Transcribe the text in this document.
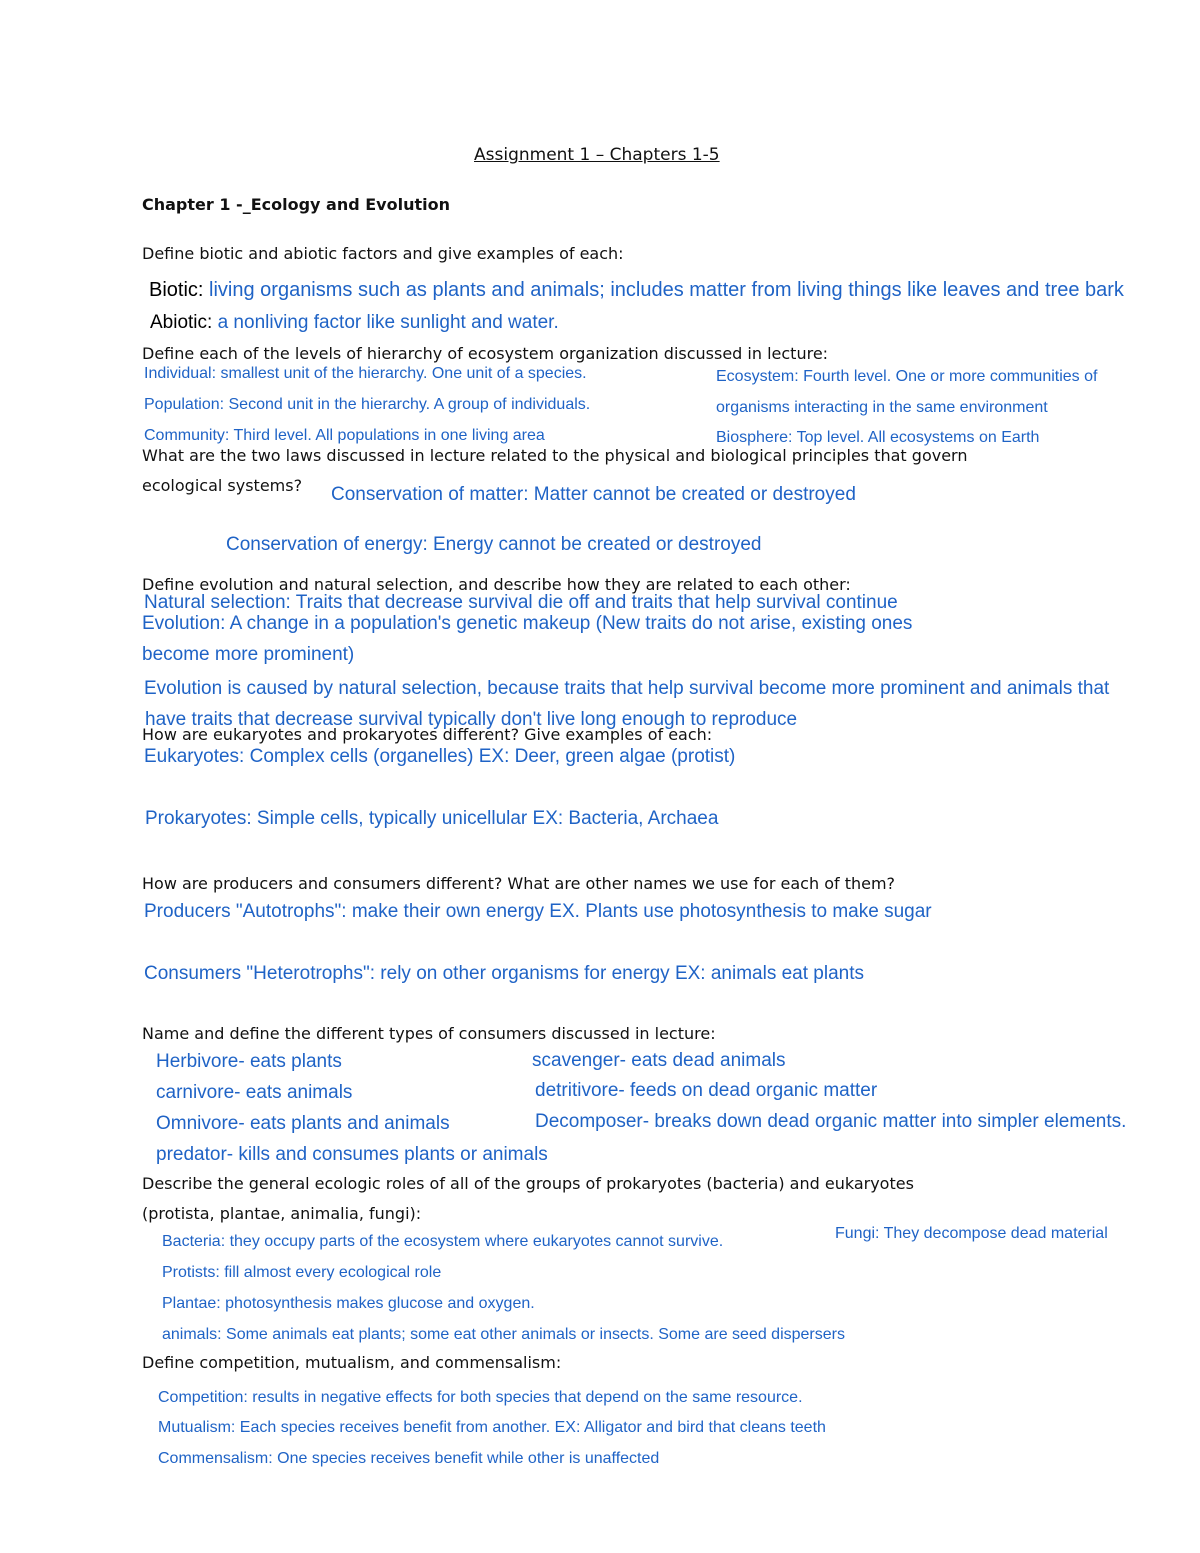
Assignment 1 – Chapters 1-5
Chapter 1 -_Ecology and Evolution
Define biotic and abiotic factors and give examples of each:
Biotic: living organisms such as plants and animals; includes matter from living things like leaves and tree bark
Abiotic: a nonliving factor like sunlight and water.
Define each of the levels of hierarchy of ecosystem organization discussed in lecture:
Individual: smallest unit of the hierarchy. One unit of a species.
Population: Second unit in the hierarchy. A group of individuals.
Community: Third level. All populations in one living area
Ecosystem: Fourth level. One or more communities of
organisms interacting in the same environment
Biosphere: Top level. All ecosystems on Earth
What are the two laws discussed in lecture related to the physical and biological principles that govern
ecological systems? Conservation of matter: Matter cannot be created or destroyed
Conservation of energy: Energy cannot be created or destroyed
Define evolution and natural selection, and describe how they are related to each other:
Natural selection: Traits that decrease survival die off and traits that help survival continue
Evolution: A change in a population's genetic makeup (New traits do not arise, existing ones
become more prominent)
Evolution is caused by natural selection, because traits that help survival become more prominent and animals that
have traits that decrease survival typically don't live long enough to reproduce
How are eukaryotes and prokaryotes different? Give examples of each:
Eukaryotes: Complex cells (organelles) EX: Deer, green algae (protist)
Prokaryotes: Simple cells, typically unicellular EX: Bacteria, Archaea
How are producers and consumers different? What are other names we use for each of them?
Producers "Autotrophs": make their own energy EX. Plants use photosynthesis to make sugar
Consumers "Heterotrophs": rely on other organisms for energy EX: animals eat plants
Name and define the different types of consumers discussed in lecture:
Herbivore- eats plants
carnivore- eats animals
Omnivore- eats plants and animals
predator- kills and consumes plants or animals
scavenger- eats dead animals
detritivore- feeds on dead organic matter
Decomposer- breaks down dead organic matter into simpler elements.
Describe the general ecologic roles of all of the groups of prokaryotes (bacteria) and eukaryotes
(protista, plantae, animalia, fungi):
Bacteria: they occupy parts of the ecosystem where eukaryotes cannot survive.
Protists: fill almost every ecological role
Plantae: photosynthesis makes glucose and oxygen.
animals: Some animals eat plants; some eat other animals or insects. Some are seed dispersers
Fungi: They decompose dead material
Define competition, mutualism, and commensalism:
Competition: results in negative effects for both species that depend on the same resource.
Mutualism: Each species receives benefit from another. EX: Alligator and bird that cleans teeth
Commensalism: One species receives benefit while other is unaffected
